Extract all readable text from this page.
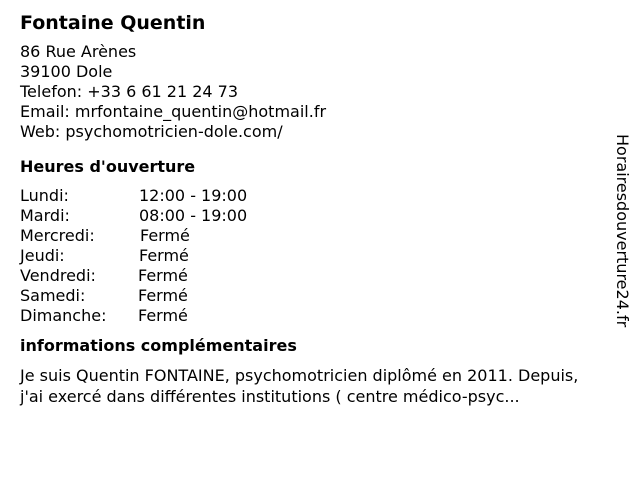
Fontaine Quentin
86 Rue Arènes
39100 Dole
Telefon: +33 6 61 21 24 73
Email: mrfontaine_quentin@hotmail.fr
Web: psychomotricien-dole.com/
Heures d'ouverture
Lundi:	12:00 - 19:00
Mardi:	08:00 - 19:00
Mercredi:	Fermé
Jeudi:	Fermé
Vendredi:	Fermé
Samedi:	Fermé
Dimanche: Fermé
informations complémentaires

Je suis Quentin FONTAINE, psychomotricien diplômé en 2011. Depuis, j'ai exercé dans différentes institutions ( centre médico-psyc...

Horairesdouverture24.fr
